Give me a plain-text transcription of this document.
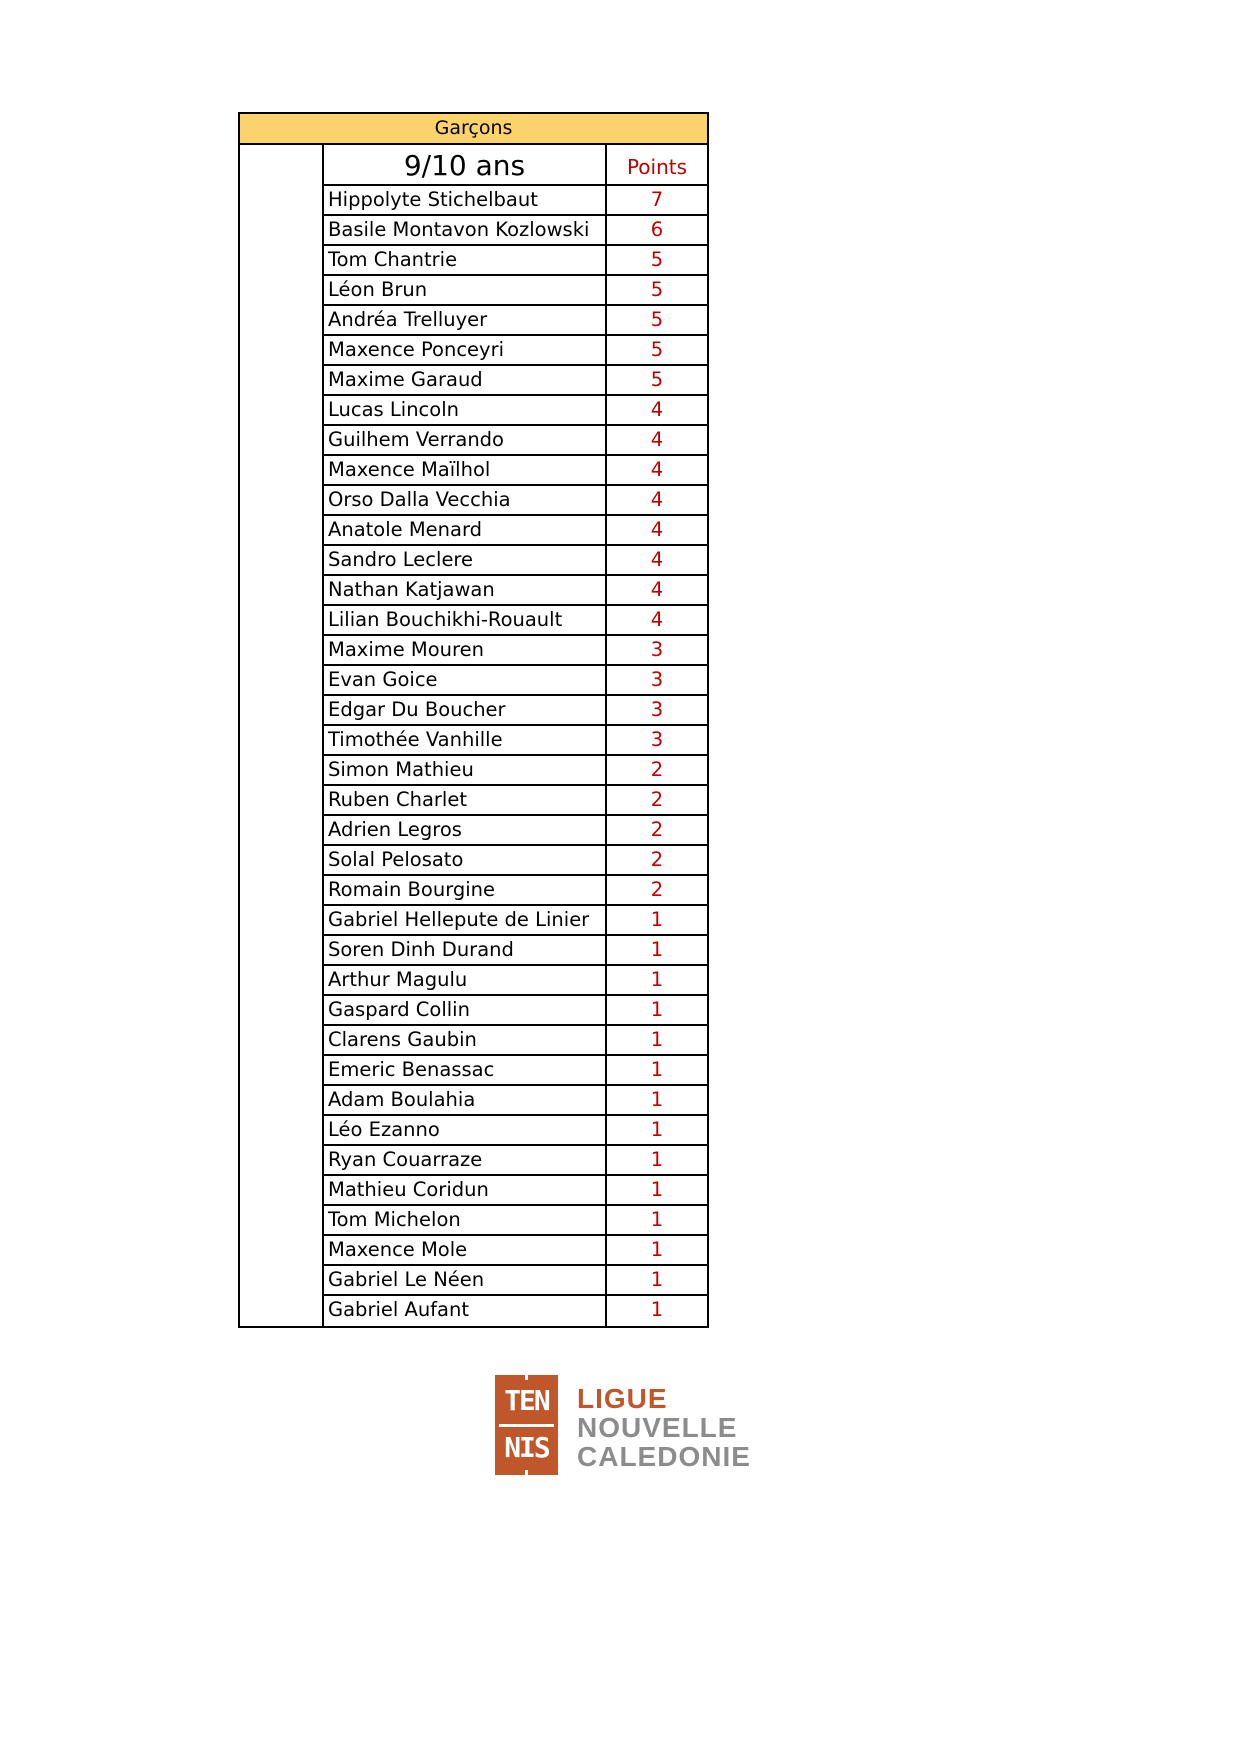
Garçons
9/10 ans	Points
Hippolyte Stichelbaut	7
Basile Montavon Kozlowski	6
Tom Chantrie	5
Léon Brun	5
Andréa Trelluyer	5
Maxence Ponceyri	5
Maxime Garaud	5
Lucas Lincoln	4
Guilhem Verrando	4
Maxence Maïlhol	4
Orso Dalla Vecchia	4
Anatole Menard	4
Sandro Leclere	4
Nathan Katjawan	4
Lilian Bouchikhi-Rouault	4
Maxime Mouren	3
Evan Goice	3
Edgar Du Boucher	3
Timothée Vanhille	3
Simon Mathieu	2
Ruben Charlet	2
Adrien Legros	2
Solal Pelosato	2
Romain Bourgine	2
Gabriel Hellepute de Linier	1
Soren Dinh Durand	1
Arthur Magulu	1
Gaspard Collin	1
Clarens Gaubin	1
Emeric Benassac	1
Adam Boulahia	1
Léo Ezanno	1
Ryan Couarraze	1
Mathieu Coridun	1
Tom Michelon	1
Maxence Mole	1
Gabriel Le Néen	1
Gabriel Aufant	1
TEN
NIS
LIGUE
NOUVELLE
CALEDONIE
